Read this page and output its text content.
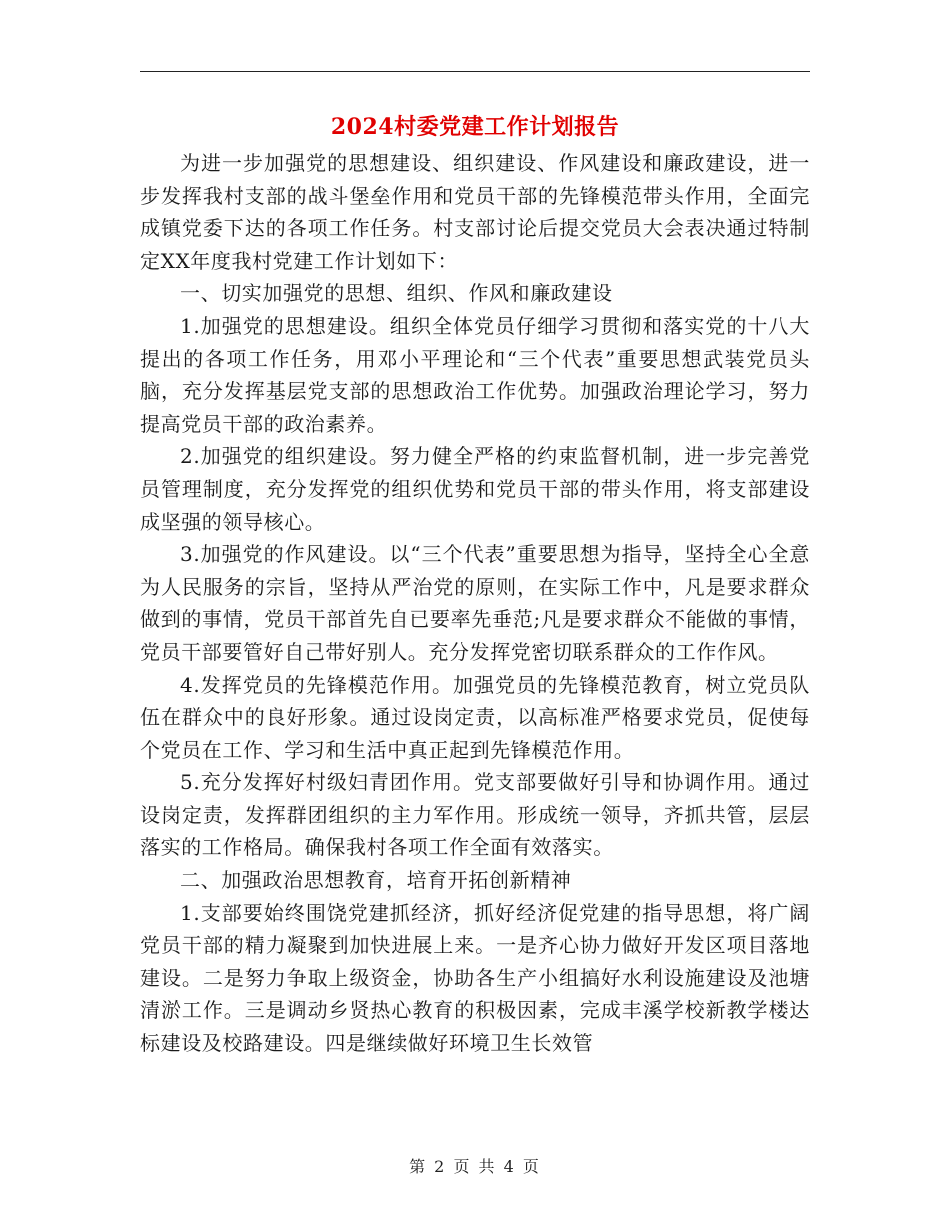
2024村委党建工作计划报告

为进一步加强党的思想建设、组织建设、作风建设和廉政建设，进一步发挥我村支部的战斗堡垒作用和党员干部的先锋模范带头作用，全面完成镇党委下达的各项工作任务。村支部讨论后提交党员大会表决通过特制定XX年度我村党建工作计划如下：

一、切实加强党的思想、组织、作风和廉政建设

1.加强党的思想建设。组织全体党员仔细学习贯彻和落实党的十八大提出的各项工作任务，用邓小平理论和“三个代表”重要思想武装党员头脑，充分发挥基层党支部的思想政治工作优势。加强政治理论学习，努力提高党员干部的政治素养。

2.加强党的组织建设。努力健全严格的约束监督机制，进一步完善党员管理制度，充分发挥党的组织优势和党员干部的带头作用，将支部建设成坚强的领导核心。

3.加强党的作风建设。以“三个代表”重要思想为指导，坚持全心全意为人民服务的宗旨，坚持从严治党的原则，在实际工作中，凡是要求群众做到的事情，党员干部首先自已要率先垂范;凡是要求群众不能做的事情，党员干部要管好自己带好别人。充分发挥党密切联系群众的工作作风。

4.发挥党员的先锋模范作用。加强党员的先锋模范教育，树立党员队伍在群众中的良好形象。通过设岗定责，以高标准严格要求党员，促使每个党员在工作、学习和生活中真正起到先锋模范作用。

5.充分发挥好村级妇青团作用。党支部要做好引导和协调作用。通过设岗定责，发挥群团组织的主力军作用。形成统一领导，齐抓共管，层层落实的工作格局。确保我村各项工作全面有效落实。

二、加强政治思想教育，培育开拓创新精神

1.支部要始终围饶党建抓经济，抓好经济促党建的指导思想，将广阔党员干部的精力凝聚到加快进展上来。一是齐心协力做好开发区项目落地建设。二是努力争取上级资金，协助各生产小组搞好水利设施建设及池塘清淤工作。三是调动乡贤热心教育的积极因素，完成丰溪学校新教学楼达标建设及校路建设。四是继续做好环境卫生长效管

第 2 页 共 4 页
